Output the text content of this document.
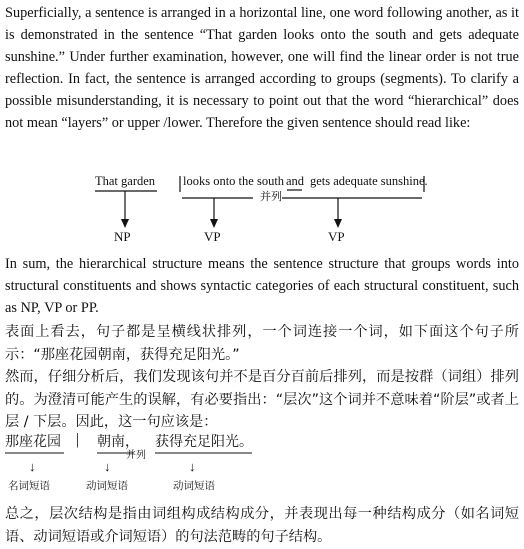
Superficially, a sentence is arranged in a horizontal line, one word following another, as it is demonstrated in the sentence “That garden looks onto the south and gets adequate sunshine.” Under further examination, however, one will find the linear order is not true reflection. In fact, the sentence is arranged according to groups (segments). To clarify a possible misunderstanding, it is necessary to point out that the word “hierarchical” does not mean “layers” or upper /lower. Therefore the given sentence should read like:

That garden looks onto the south and gets adequate sunshine.
并列
NP	VP	VP

In sum, the hierarchical structure means the sentence structure that groups words into structural constituents and shows syntactic categories of each structural constituent, such as NP, VP or PP.

表面上看去，句子都是呈横线状排列，一个词连接一个词，如下面这个句子所示：“那座花园朝南，获得充足阳光。”

然而，仔细分析后，我们发现该句并不是百分百前后排列，而是按群（词组）排列的。为澄清可能产生的误解，有必要指出：“层次”这个词并不意味着“阶层”或者上层 / 下层。因此，这一句应该是：

那座花园 | 朝南， 获得充足阳光。
并列
↓	↓	↓
名词短语	动词短语	动词短语

总之，层次结构是指由词组构成结构成分，并表现出每一种结构成分（如名词短语、动词短语或介词短语）的句法范畴的句子结构。
